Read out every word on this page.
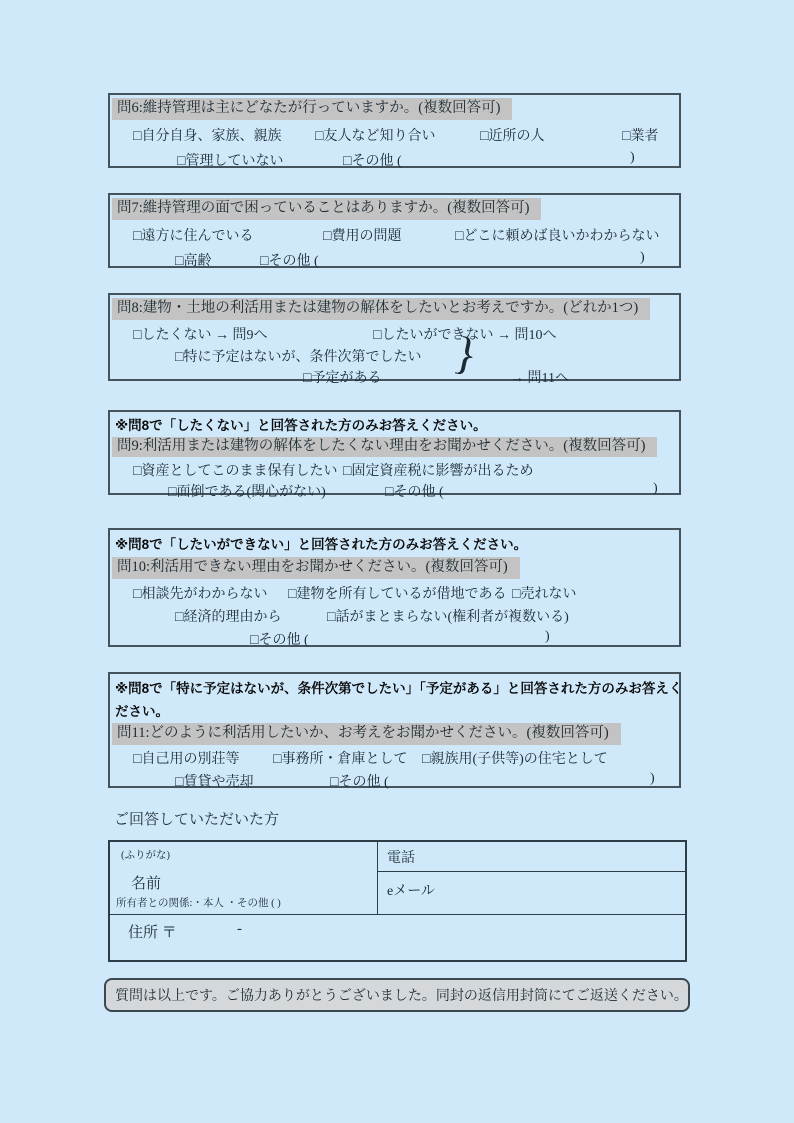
問6:維持管理は主にどなたが行っていますか。(複数回答可)
□自分自身、家族、親族 □友人など知り合い	□近所の人	□業者
□管理していない	□その他 (	)
問7:維持管理の面で困っていることはありますか。(複数回答可)
□遠方に住んでいる	□費用の問題	□どこに頼めば良いかわからない
□高齢	□その他 (	)
問8:建物・土地の利活用または建物の解体をしたいとお考えですか。(どれか1つ)
□したくない → 問9へ	□したいができない → 問10へ
□特に予定はないが、条件次第でしたい
□予定がある	→ 問11へ
}
※問8で「したくない」と回答された方のみお答えください。
問9:利活用または建物の解体をしたくない理由をお聞かせください。(複数回答可)
□資産としてこのまま保有したい □固定資産税に影響が出るため
□面倒である(関心がない)	□その他 (	)
※問8で「したいができない」と回答された方のみお答えください。
問10:利活用できない理由をお聞かせください。(複数回答可)
□相談先がわからない □建物を所有しているが借地である □売れない
□経済的理由から	□話がまとまらない(権利者が複数いる)
□その他 (	)
※問8で「特に予定はないが、条件次第でしたい」「予定がある」と回答された方のみお答えく
ださい。
問11:どのように利活用したいか、お考えをお聞かせください。(複数回答可)
□自己用の別荘等 □事務所・倉庫として □親族用(子供等)の住宅として
□賃貸や売却	□その他 (	)
ご回答していただいた方
(ふりがな)
名前
所有者との関係:・本人 ・その他 ( )
電話
eメール
住所 〒	-
質問は以上です。ご協力ありがとうございました。同封の返信用封筒にてご返送ください。
